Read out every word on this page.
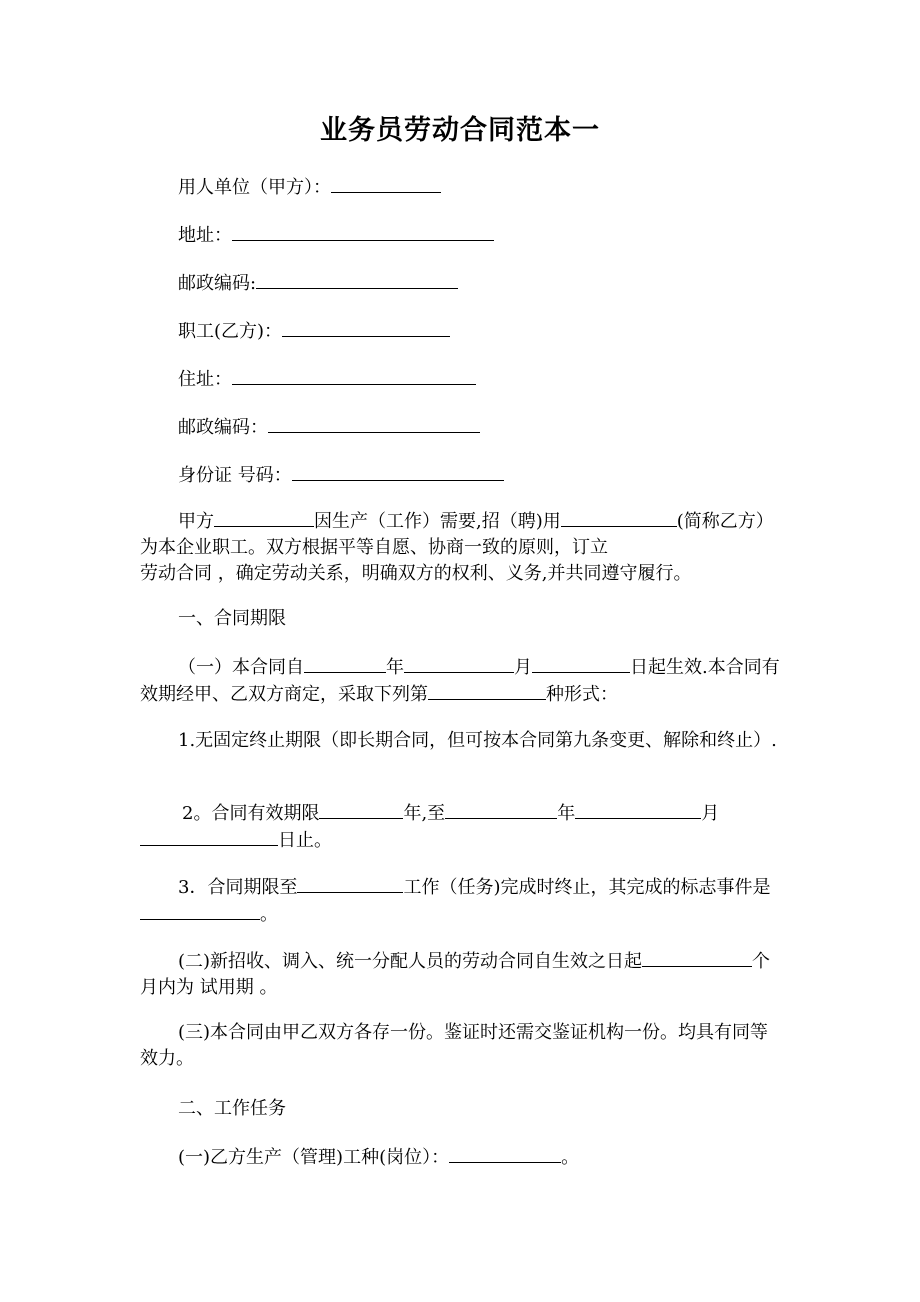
业务员劳动合同范本一

用人单位（甲方）：

地址：

邮政编码:

职工(乙方)：

住址：

邮政编码：

身份证 号码：

甲方	因生产（工作）需要,招（聘)用	(简称乙方）为本企业职工。双方根据平等自愿、协商一致的原则，订立
劳动合同 ，确定劳动关系，明确双方的权利、义务,并共同遵守履行。

一、合同期限

（一）本合同自	年	月	日起生效.本合同有效期经甲、乙双方商定，采取下列第	种形式：

1.无固定终止期限（即长期合同，但可按本合同第九条变更、解除和终止）.

2。合同有效期限	年,至	年	月日止。

3．合同期限至	工作（任务)完成时终止，其完成的标志事件是。

(二)新招收、调入、统一分配人员的劳动合同自生效之日起	个月内为 试用期 。

(三)本合同由甲乙双方各存一份。鉴证时还需交鉴证机构一份。均具有同等效力。

二、工作任务

(一)乙方生产（管理)工种(岗位）：	。
